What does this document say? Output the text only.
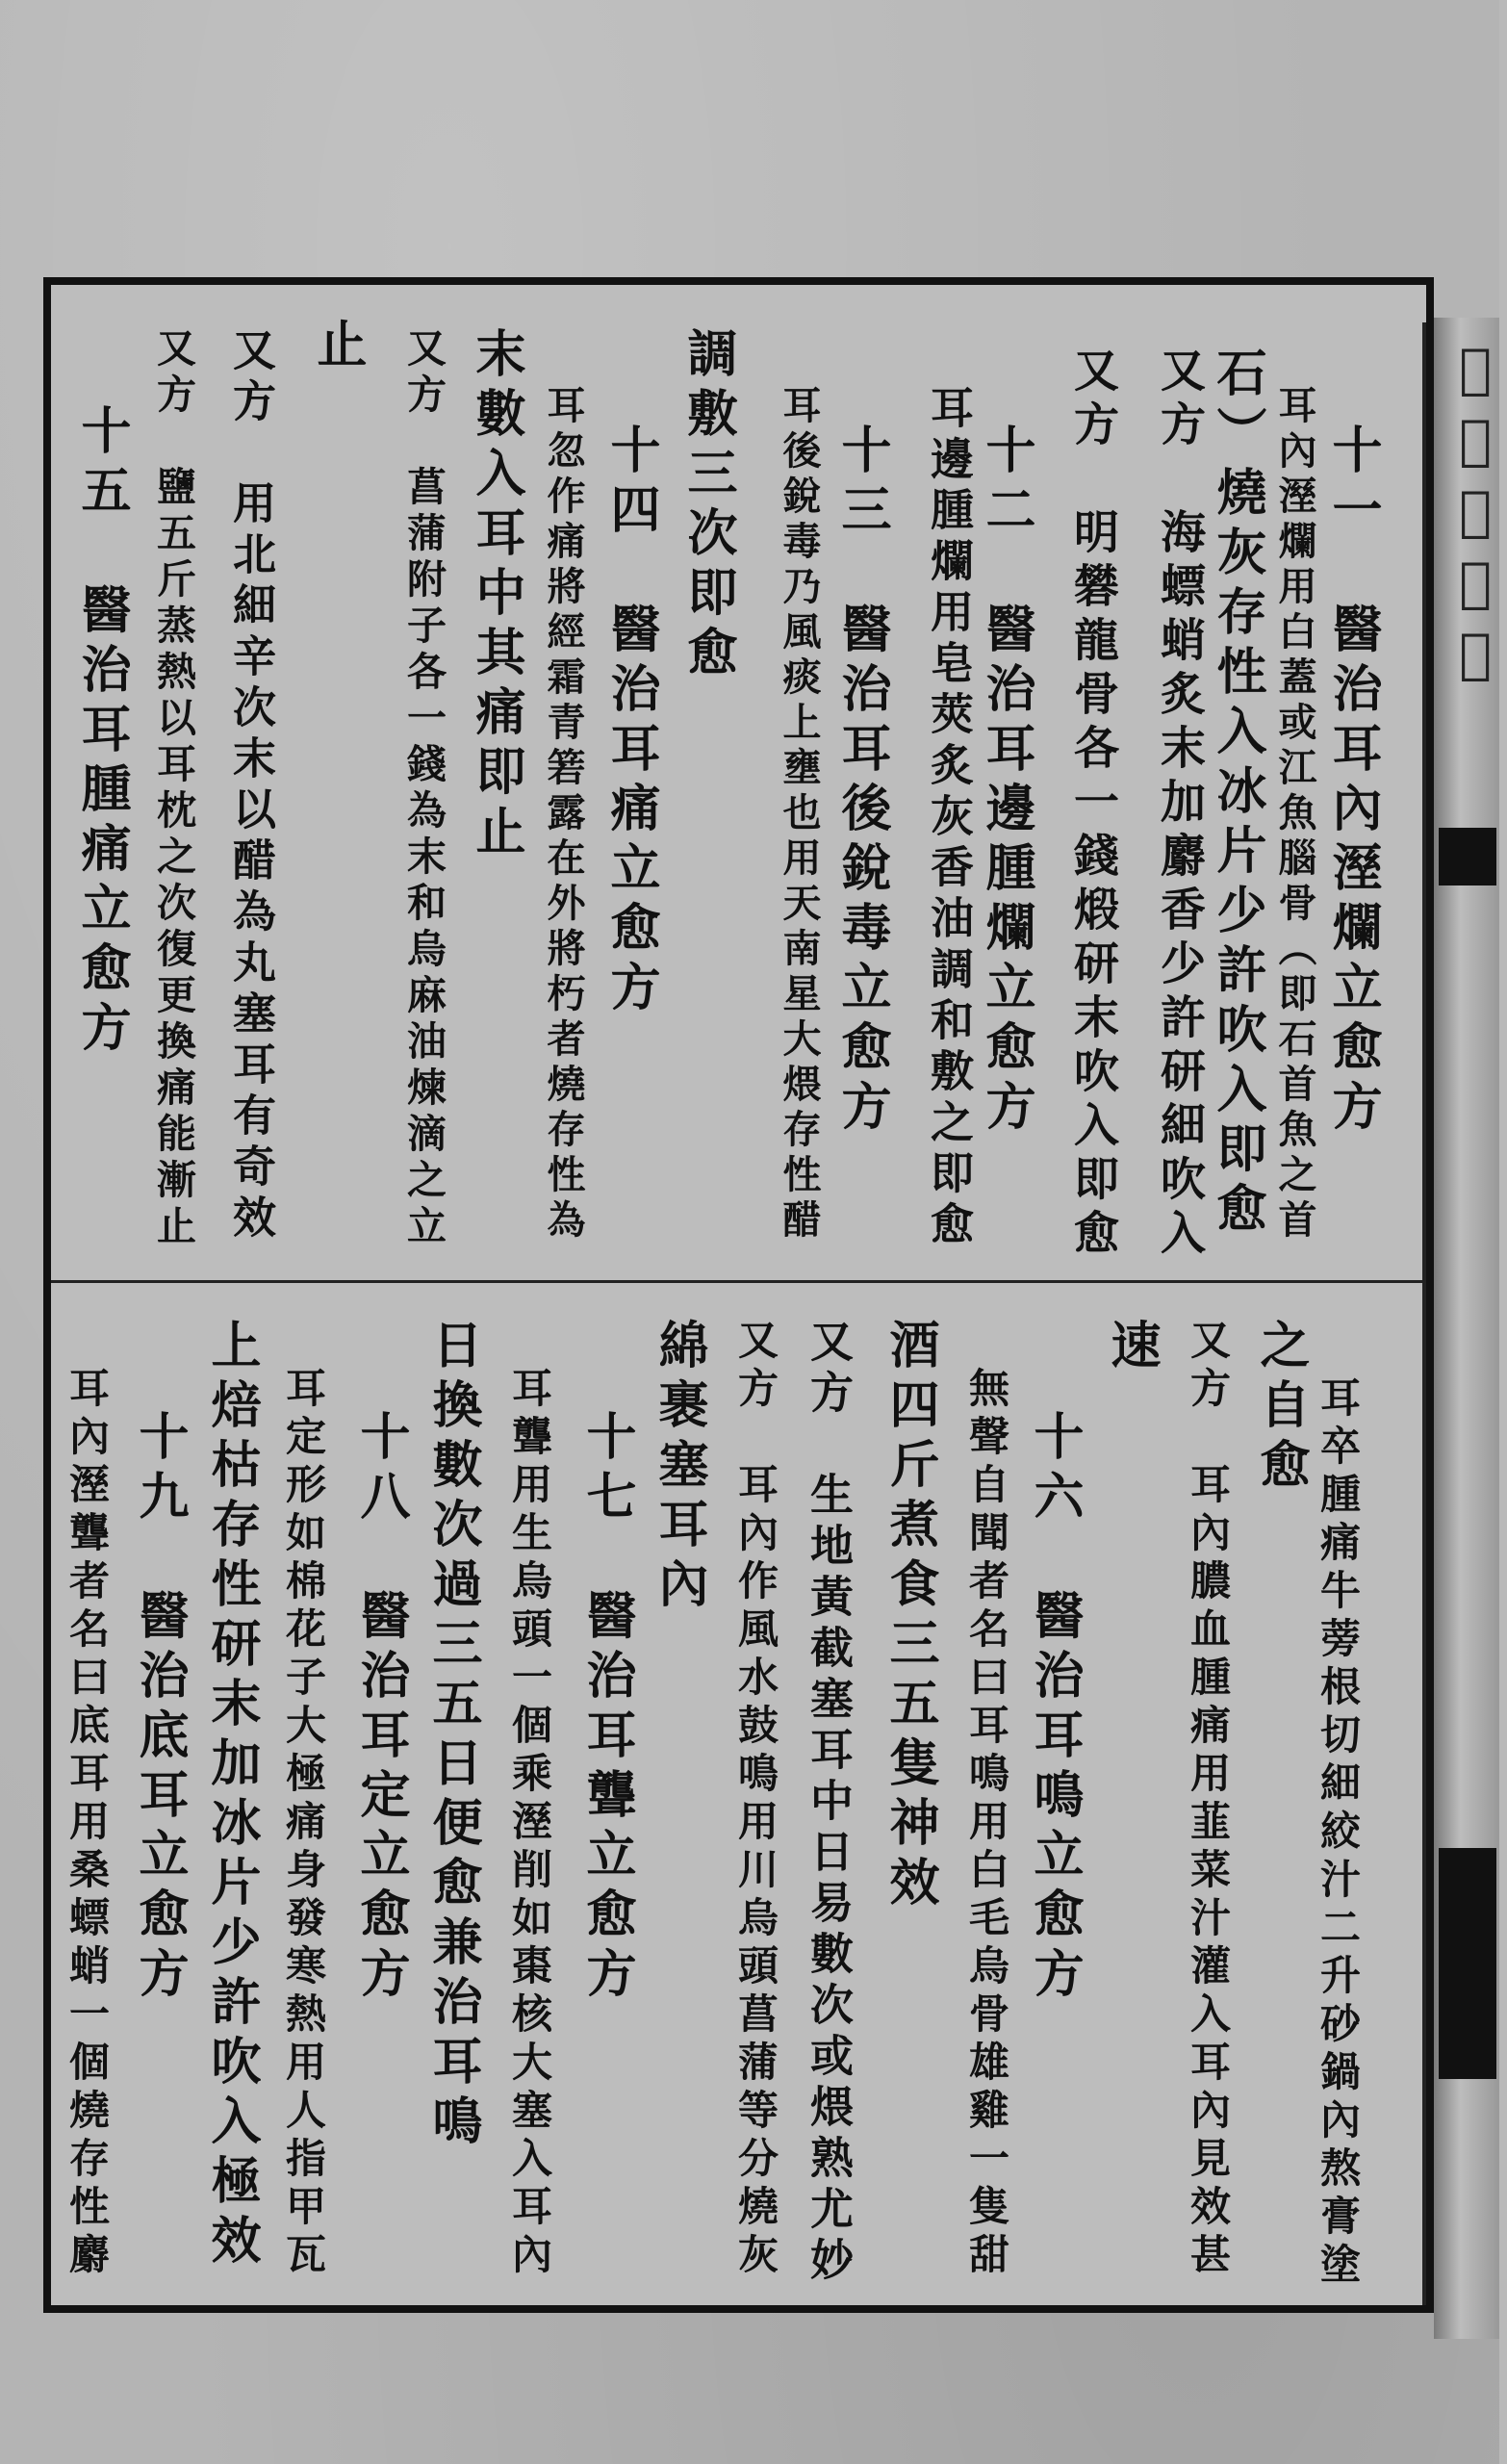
𦹗驗良方集
十一　醫治耳內溼爛立愈方
耳內溼爛用白蓋或江魚腦骨（即石首魚之首
石）燒灰存性入冰片少許吹入即愈
又方　海螵蛸炙末加麝香少許研細吹入
又方　明礬龍骨各一錢煅研末吹入即愈
十二　醫治耳邊腫爛立愈方
耳邊腫爛用皂莢炙灰香油調和敷之即愈
十三　醫治耳後銳毒立愈方
耳後銳毒乃風痰上壅也用天南星大煨存性醋
調敷三次即愈
十四　醫治耳痛立愈方
耳忽作痛將經霜青箬露在外將朽者燒存性為
末數入耳中其痛即止
又方　菖蒲附子各一錢為末和烏麻油煉滴之立
止
又方　用北細辛次末以醋為丸塞耳有奇效
又方　鹽五斤蒸熱以耳枕之次復更換痛能漸止
十五　醫治耳腫痛立愈方
耳卒腫痛牛蒡根切細絞汁二升砂鍋內熬膏塗
之自愈
又方　耳內膿血腫痛用韮菜汁灌入耳內見效甚
速
十六　醫治耳鳴立愈方
無聲自聞者名曰耳鳴用白毛烏骨雄雞一隻甜
酒四斤煮食三五隻神效
又方　生地黃截塞耳中日易數次或煨熟尤妙
又方　耳內作風水鼓鳴用川烏頭菖蒲等分燒灰
綿裹塞耳內
十七　醫治耳聾立愈方
耳聾用生烏頭一個乘溼削如棗核大塞入耳內
日換數次過三五日便愈兼治耳鳴
十八　醫治耳定立愈方
耳定形如棉花子大極痛身發寒熱用人指甲瓦
上焙枯存性研末加冰片少許吹入極效
十九　醫治底耳立愈方
耳內溼聾者名曰底耳用桑螵蛸一個燒存性麝
